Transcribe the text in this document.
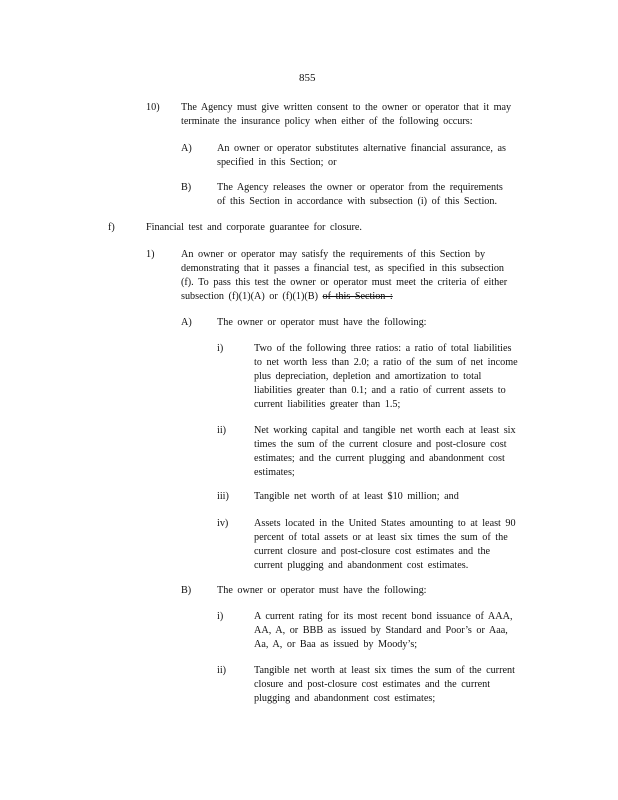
855
10) The Agency must give written consent to the owner or operator that it may
terminate the insurance policy when either of the following occurs:
A) An owner or operator substitutes alternative financial assurance, as
specified in this Section; or
B)	The Agency releases the owner or operator from the requirements
of this Section in accordance with subsection (i) of this Section.
f)	Financial test and corporate guarantee for closure.
1)	An owner or operator may satisfy the requirements of this Section by
demonstrating that it passes a financial test, as specified in this subsection
(f). To pass this test the owner or operator must meet the criteria of either
subsection (f)(1)(A) or (f)(1)(B) of this Section :
A) The owner or operator must have the following:
i)	Two of the following three ratios: a ratio of total liabilities
to net worth less than 2.0; a ratio of the sum of net income
plus depreciation, depletion and amortization to total
liabilities greater than 0.1; and a ratio of current assets to
current liabilities greater than 1.5;
ii)	Net working capital and tangible net worth each at least six
times the sum of the current closure and post-closure cost
estimates; and the current plugging and abandonment cost
estimates;
iii) Tangible net worth of at least $10 million; and
iv)	Assets located in the United States amounting to at least 90
percent of total assets or at least six times the sum of the
current closure and post-closure cost estimates and the
current plugging and abandonment cost estimates.
B)	The owner or operator must have the following:
i)	A current rating for its most recent bond issuance of AAA,
AA, A, or BBB as issued by Standard and Poor’s or Aaa,
Aa, A, or Baa as issued by Moody’s;
ii)	Tangible net worth at least six times the sum of the current
closure and post-closure cost estimates and the current
plugging and abandonment cost estimates;
